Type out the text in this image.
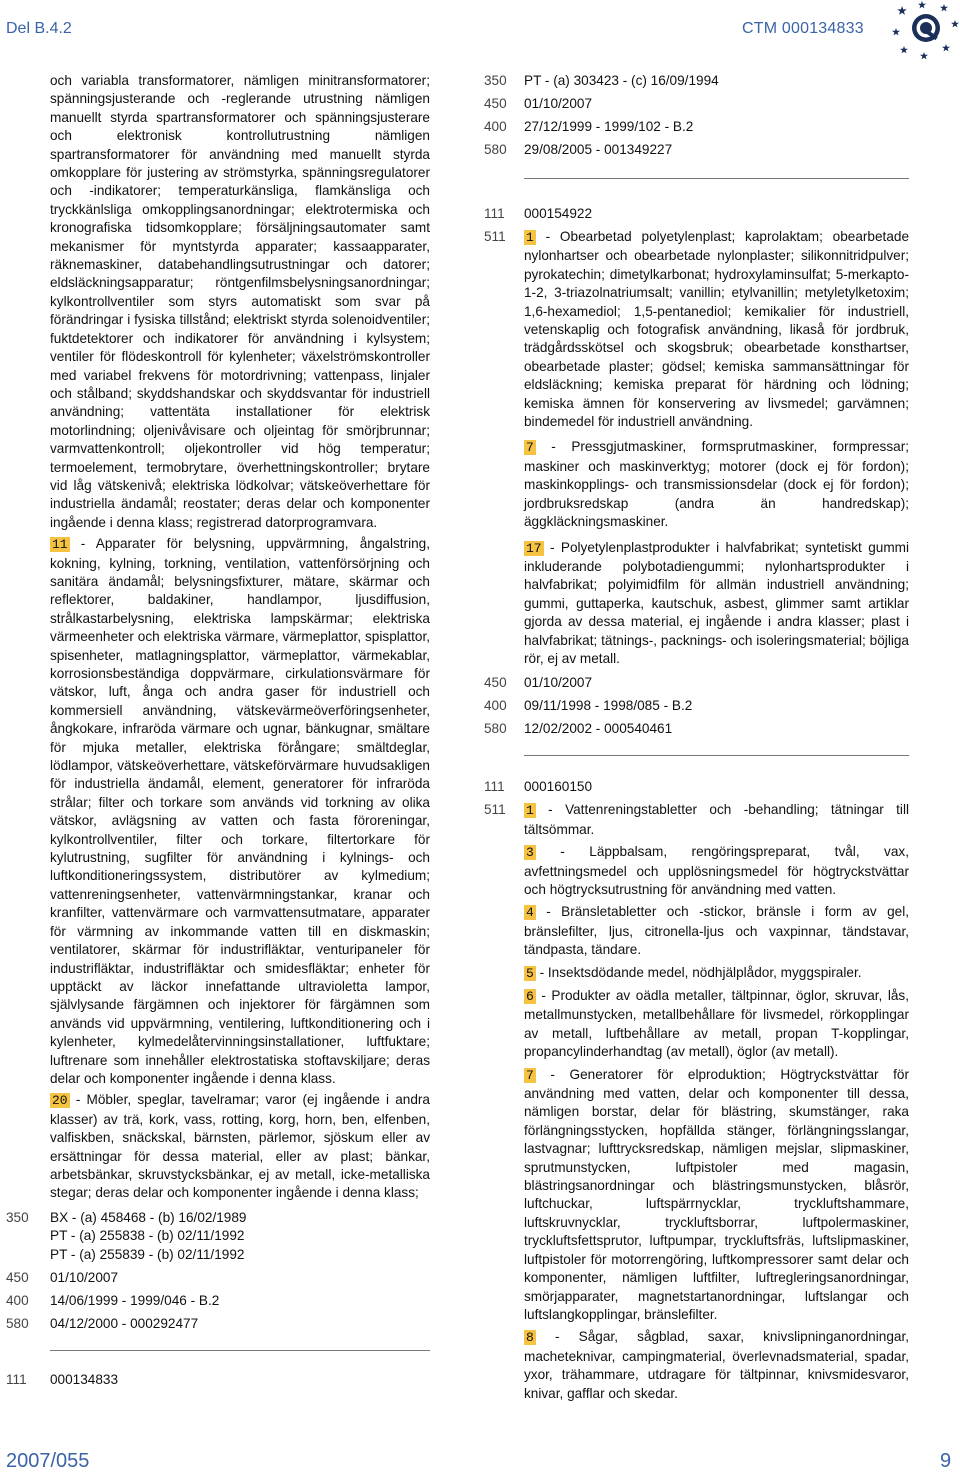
Del B.4.2	CTM 000134833

och variabla transformatorer, nämligen minitransformatorer; spänningsjusterande och -reglerande utrustning nämligen manuellt styrda spartransformatorer och spänningsjusterare och elektronisk kontrollutrustning nämligen spartransformatorer för användning med manuellt styrda omkopplare för justering av strömstyrka, spänningsregulatorer och -indikatorer; temperaturkänsliga, flamkänsliga och tryckkänlsliga omkopplingsanordningar; elektrotermiska och kronografiska tidsomkopplare; försäljningsautomater samt mekanismer för myntstyrda apparater; kassaapparater, räknemaskiner, databehandlingsutrustningar och datorer; eldsläckningsapparatur; röntgenfilmsbelysningsanordningar; kylkontrollventiler som styrs automatiskt som svar på förändringar i fysiska tillstånd; elektriskt styrda solenoidventiler; fuktdetektorer och indikatorer för användning i kylsystem; ventiler för flödeskontroll för kylenheter; växelströmskontroller med variabel frekvens för motordrivning; vattenpass, linjaler och stålband; skyddshandskar och skyddsvantar för industriell användning; vattentäta installationer för elektrisk motorlindning; oljenivåvisare och oljeintag för smörjbrunnar; varmvattenkontroll; oljekontroller vid hög temperatur; termoelement, termobrytare, överhettningskontroller; brytare vid låg vätskenivå; elektriska lödkolvar; vätskeöverhettare för industriella ändamål; reostater; deras delar och komponenter ingående i denna klass; registrerad datorprogramvara.

11 - Apparater för belysning, uppvärmning, ångalstring, kokning, kylning, torkning, ventilation, vattenförsörjning och sanitära ändamål; belysningsfixturer, mätare, skärmar och reflektorer, baldakiner, handlampor, ljusdiffusion, strålkastarbelysning, elektriska lampskärmar; elektriska värmeenheter och elektriska värmare, värmeplattor, spisplattor, spisenheter, matlagningsplattor, värmeplattor, värmekablar, korrosionsbeständiga doppvärmare, cirkulationsvärmare för vätskor, luft, ånga och andra gaser för industriell och kommersiell användning, vätskevärmeöverföringsenheter, ångkokare, infraröda värmare och ugnar, bänkugnar, smältare för mjuka metaller, elektriska förångare; smältdeglar, lödlampor, vätskeöverhettare, vätskeförvärmare huvudsakligen för industriella ändamål, element, generatorer för infraröda strålar; filter och torkare som används vid torkning av olika vätskor, avlägsning av vatten och fasta föroreningar, kylkontrollventiler, filter och torkare, filtertorkare för kylutrustning, sugfilter för användning i kylnings- och luftkonditioneringssystem, distributörer av kylmedium; vattenreningsenheter, vattenvärmningstankar, kranar och kranfilter, vattenvärmare och varmvattensutmatare, apparater för värmning av inkommande vatten till en diskmaskin; ventilatorer, skärmar för industrifläktar, venturipaneler för industrifläktar, industrifläktar och smidesfläktar; enheter för upptäckt av läckor innefattande ultravioletta lampor, självlysande färgämnen och injektorer för färgämnen som används vid uppvärmning, ventilering, luftkonditionering och i kylenheter, kylmedelåtervinningsinstallationer, luftfuktare; luftrenare som innehåller elektrostatiska stoftavskiljare; deras delar och komponenter ingående i denna klass.

20 - Möbler, speglar, tavelramar; varor (ej ingående i andra klasser) av trä, kork, vass, rotting, korg, horn, ben, elfenben, valfiskben, snäckskal, bärnsten, pärlemor, sjöskum eller av ersättningar för dessa material, eller av plast; bänkar, arbetsbänkar, skruvstycksbänkar, ej av metall, icke-metalliska stegar; deras delar och komponenter ingående i denna klass;

350	BX - (a) 458468 - (b) 16/02/1989
PT - (a) 255838 - (b) 02/11/1992
PT - (a) 255839 - (b) 02/11/1992
450	01/10/2007
400	14/06/1999 - 1999/046 - B.2
580	04/12/2000 - 000292477
111	000134833
350	PT - (a) 303423 - (c) 16/09/1994
450	01/10/2007
400	27/12/1999 - 1999/102 - B.2
580	29/08/2005 - 001349227
111	000154922
511 1 - Obearbetad polyetylenplast; kaprolaktam; obearbetade nylonhartser och obearbetade nylonplaster; silikonnitridpulver; pyrokatechin; dimetylkarbonat; hydroxylaminsulfat; 5-merkapto-1-2, 3-triazolnatriumsalt; vanillin; etylvanillin; metyletylketoxim; 1,6-hexamediol; 1,5-pentanediol; kemikalier för industriell, vetenskaplig och fotografisk användning, likaså för jordbruk, trädgårdsskötsel och skogsbruk; obearbetade konsthartser, obearbetade plaster; gödsel; kemiska sammansättningar för eldsläckning; kemiska preparat för härdning och lödning; kemiska ämnen för konservering av livsmedel; garvämnen; bindemedel för industriell användning.

7 - Pressgjutmaskiner, formsprutmaskiner, formpressar; maskiner och maskinverktyg; motorer (dock ej för fordon); maskinkopplings- och transmissionsdelar (dock ej för fordon); jordbruksredskap (andra än handredskap); äggkläckningsmaskiner.

17 - Polyetylenplastprodukter i halvfabrikat; syntetiskt gummi inkluderande polybotadiengummi; nylonhartsprodukter i halvfabrikat; polyimidfilm för allmän industriell användning; gummi, guttaperka, kautschuk, asbest, glimmer samt artiklar gjorda av dessa material, ej ingående i andra klasser; plast i halvfabrikat; tätnings-, packnings- och isoleringsmaterial; böjliga rör, ej av metall.

450	01/10/2007
400	09/11/1998 - 1998/085 - B.2
580	12/02/2002 - 000540461
111	000160150
511 1 - Vattenreningstabletter och -behandling; tätningar till tältsömmar.

3 - Läppbalsam, rengöringspreparat, tvål, vax, avfettningsmedel och upplösningsmedel för högtryckstvättar och högtrycksutrustning för användning med vatten.

4 - Bränsletabletter och -stickor, bränsle i form av gel, bränslefilter, ljus, citronella-ljus och vaxpinnar, tändstavar, tändpasta, tändare.

5 - Insektsdödande medel, nödhjälplådor, myggspiraler.

6 - Produkter av oädla metaller, tältpinnar, öglor, skruvar, lås, metallmunstycken, metallbehållare för livsmedel, rörkopplingar av metall, luftbehållare av metall, propan T-kopplingar, propancylinderhandtag (av metall), öglor (av metall).

7 - Generatorer för elproduktion; Högtryckstvättar för användning med vatten, delar och komponenter till dessa, nämligen borstar, delar för blästring, skumstänger, raka förlängningsstycken, hopfällda stänger, förlängningsslangar, lastvagnar; lufttrycksredskap, nämligen mejslar, slipmaskiner, sprutmunstycken, luftpistoler med magasin, blästringsanordningar och blästringsmunstycken, blåsrör, luftchuckar, luftspärrnycklar, tryckluftshammare, luftskruvnycklar, tryckluftsborrar, luftpolermaskiner, tryckluftsfettsprutor, luftpumpar, tryckluftsfräs, luftslipmaskiner, luftpistoler för motorrengöring, luftkompressorer samt delar och komponenter, nämligen luftfilter, luftregleringsanordningar, smörjapparater, magnetstartanordningar, luftslangar och luftslangkopplingar, bränslefilter.

8 - Sågar, sågblad, saxar, knivslipninganordningar, macheteknivar, campingmaterial, överlevnadsmaterial, spadar, yxor, trähammare, utdragare för tältpinnar, knivsmidesvaror, knivar, gafflar och skedar.

2007/055	9
